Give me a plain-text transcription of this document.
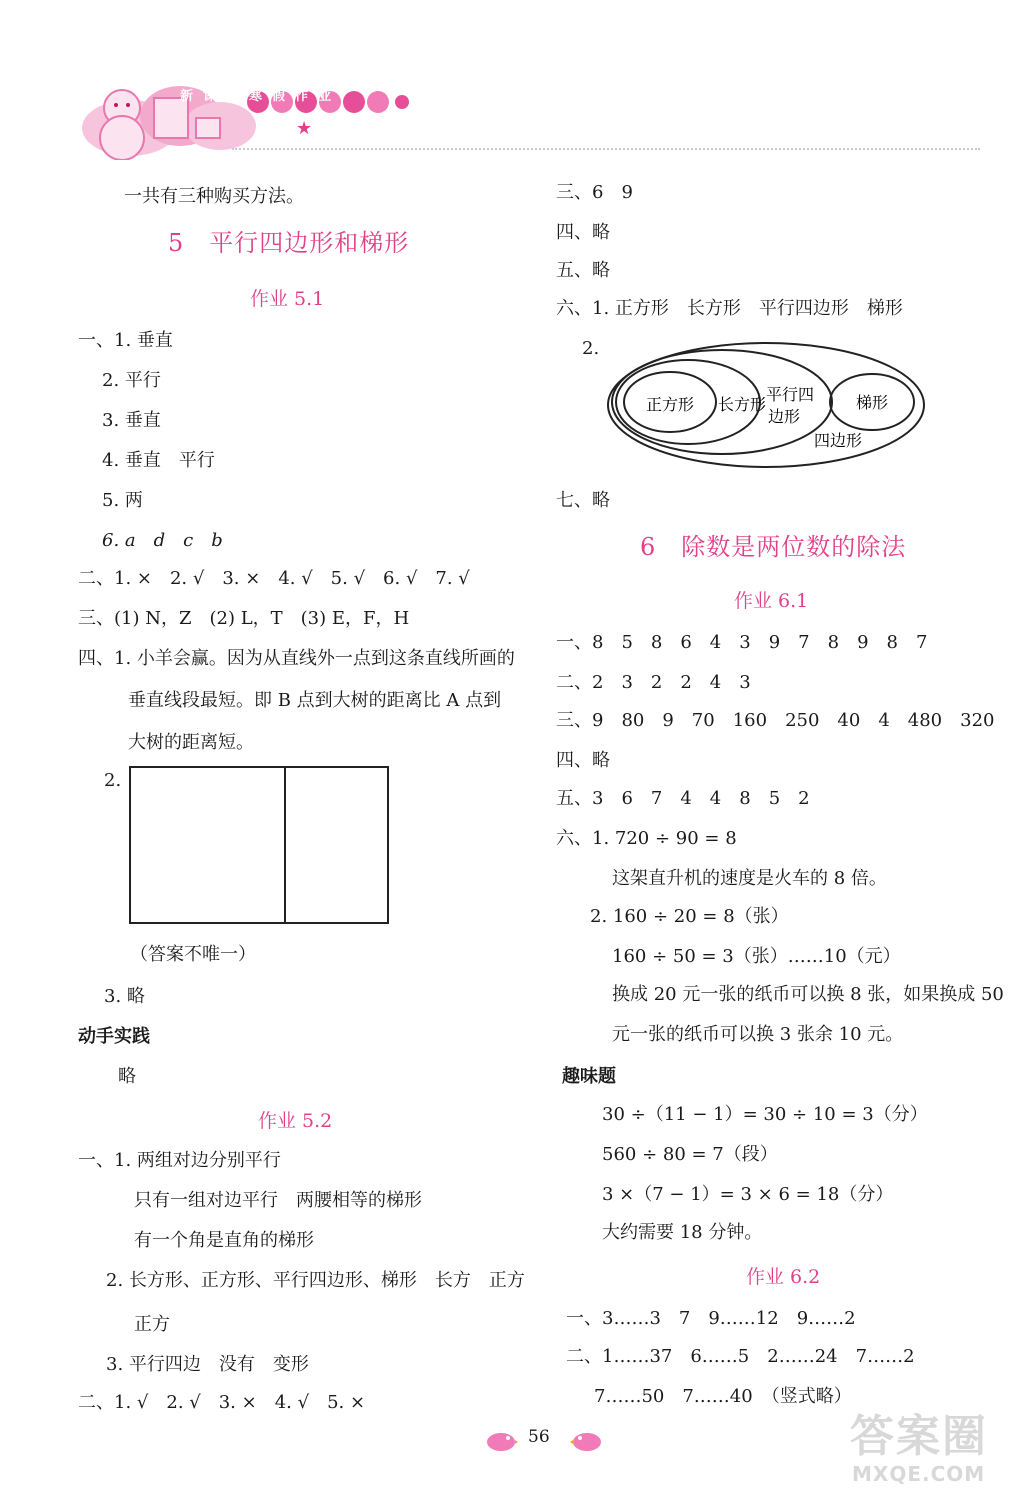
★
新课程寒假作业
一共有三种购买方法。
5　平行四边形和梯形
作业 5.1
一、1. 垂直
2. 平行
3. 垂直
4. 垂直　平行
5. 两
6. a　d　c　b
二、1. ×　2. √　3. ×　4. √　5. √　6. √　7. √
三、(1) N，Z　(2) L，T　(3) E，F，H
四、1. 小羊会赢。因为从直线外一点到这条直线所画的
垂直线段最短。即 B 点到大树的距离比 A 点到
大树的距离短。
2.
（答案不唯一）
3. 略
动手实践
略
作业 5.2
一、1. 两组对边分别平行
只有一组对边平行　两腰相等的梯形
有一个角是直角的梯形
2. 长方形、正方形、平行四边形、梯形　长方　正方
正方
3. 平行四边　没有　变形
二、1. √　2. √　3. ×　4. √　5. ×
三、6　9
四、略
五、略
六、1. 正方形　长方形　平行四边形　梯形
2.
正方形 长方形
平行四
边形
梯形
四边形
七、略
6　除数是两位数的除法
作业 6.1
一、8　5　8　6　4　3　9　7　8　9　8　7
二、2　3　2　2　4　3
三、9　80　9　70　160　250　40　4　480　320
四、略
五、3　6　7　4　4　8　5　2
六、1. 720 ÷ 90 = 8
这架直升机的速度是火车的 8 倍。
2. 160 ÷ 20 = 8（张）
160 ÷ 50 = 3（张）……10（元）
换成 20 元一张的纸币可以换 8 张，如果换成 50
元一张的纸币可以换 3 张余 10 元。
趣味题
30 ÷（11 − 1）= 30 ÷ 10 = 3（分）
560 ÷ 80 = 7（段）
3 ×（7 − 1）= 3 × 6 = 18（分）
大约需要 18 分钟。
作业 6.2
一、3……3　7　9……12　9……2
二、1……37　6……5　2……24　7……2
7……50　7……40　（竖式略）
56	答案圈
MXQE.COM
